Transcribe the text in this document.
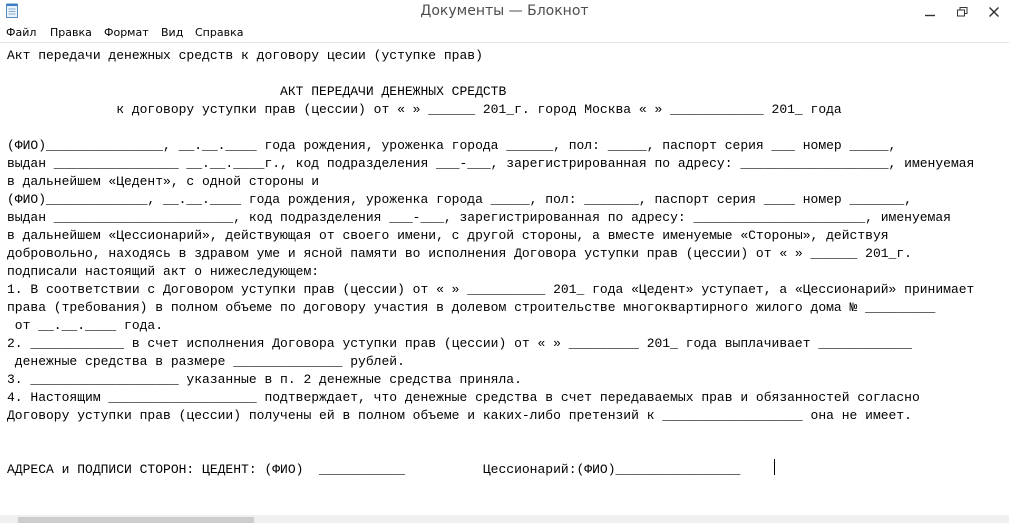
Документы — Блокнот
Файл Правка Формат Вид Справка
Акт передачи денежных средств к договору цесии (уступке прав)
АКТ ПЕРЕДАЧИ ДЕНЕЖНЫХ СРЕДСТВ
к договору уступки прав (цессии) от « » ______ 201_г. город Москва « » ____________ 201_ года
(ФИО)_______________, __.__.____ года рождения, уроженка города ______, пол: _____, паспорт серия ___ номер _____,
выдан ________________ __.__.____г., код подразделения ___-___, зарегистрированная по адресу: ___________________, именуемая
в дальнейшем «Цедент», с одной стороны и
(ФИО)_____________, __.__.____ года рождения, уроженка города _____, пол: _______, паспорт серия ____ номер _______,
выдан _______________________, код подразделения ___-___, зарегистрированная по адресу: ______________________, именуемая
в дальнейшем «Цессионарий», действующая от своего имени, с другой стороны, а вместе именуемые «Стороны», действуя
добровольно, находясь в здравом уме и ясной памяти во исполнения Договора уступки прав (цессии) от « » ______ 201_г.
подписали настоящий акт о нижеследующем:
1. В соответствии с Договором уступки прав (цессии) от « » __________ 201_ года «Цедент» уступает, а «Цессионарий» принимает
права (требования) в полном объеме по договору участия в долевом строительстве многоквартирного жилого дома № _________
от __.__.____ года.
2. ____________ в счет исполнения Договора уступки прав (цессии) от « » _________ 201_ года выплачивает ____________
денежные средства в размере ______________ рублей.
3. ___________________ указанные в п. 2 денежные средства приняла.
4. Настоящим ___________________ подтверждает, что денежные средства в счет передаваемых прав и обязанностей согласно
Договору уступки прав (цессии) получены ей в полном объеме и каких-либо претензий к __________________ она не имеет.
АДРЕСА и ПОДПИСИ СТОРОН: ЦЕДЕНТ: (ФИО)  ___________          Цессионарий:(ФИО)________________
